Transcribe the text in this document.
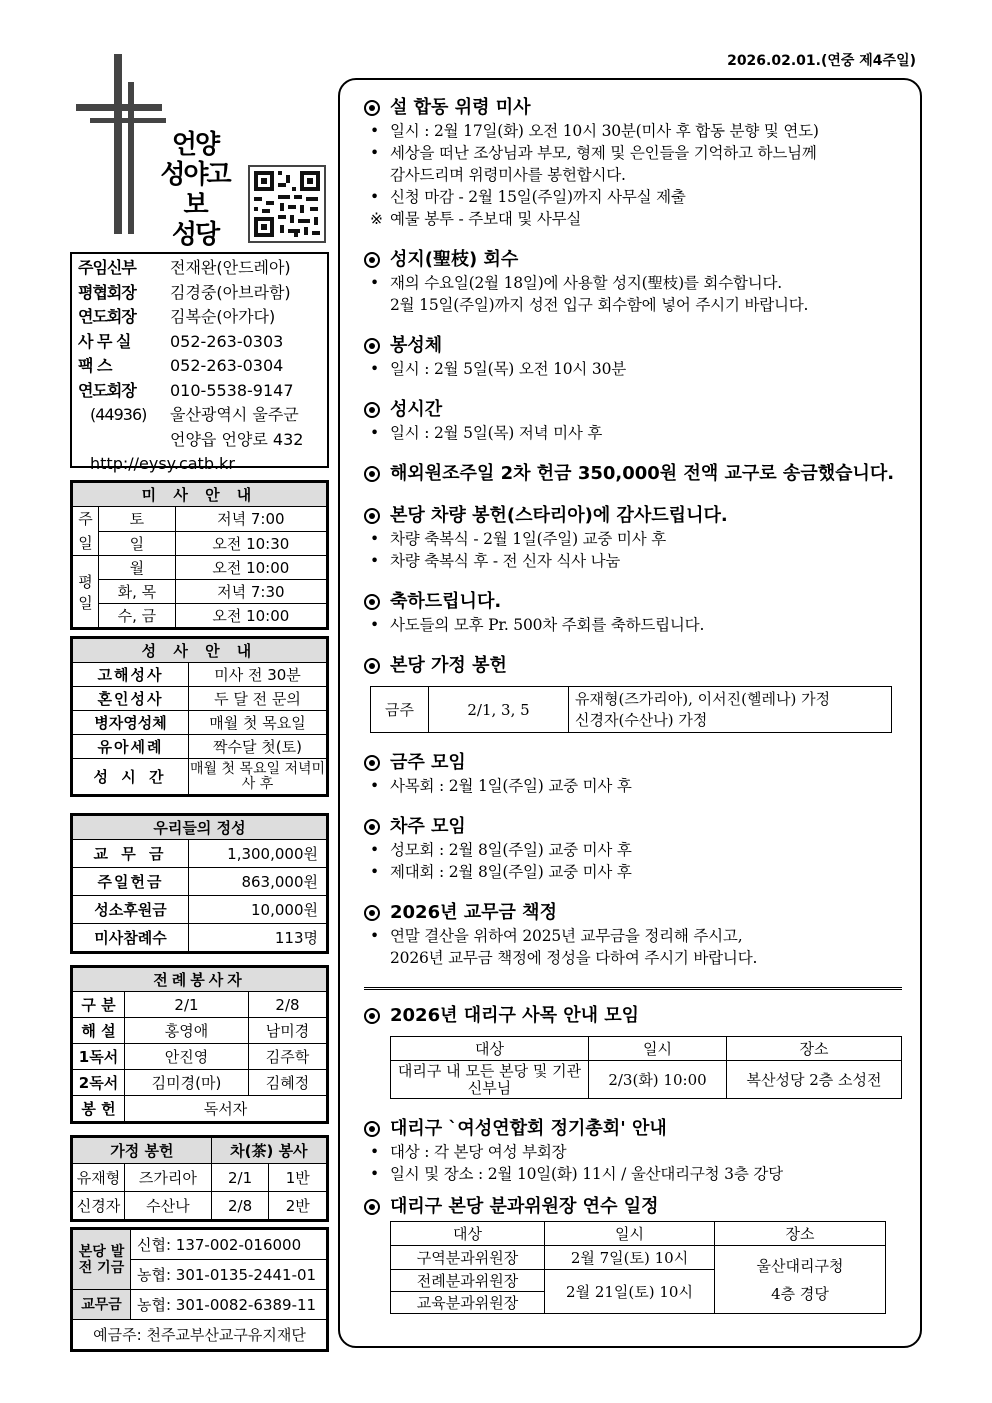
2026.02.01.(연중 제4주일)
언양
성야고보
성당
주임신부	전재완(안드레아)
평협회장	김경중(아브라함)
연도회장	김복순(아가다)
사 무 실	052-263-0303
팩 스	052-263-0304
연도회장	010-5538-9147
(44936)	울산광역시 울주군
언양읍 언양로 432
http://eysy.catb.kr
미 사 안 내		
주일	토	저녁 7:00
	일	오전 10:30
평일	월	오전 10:00
	화, 목	저녁 7:30
	수, 금	오전 10:00
성 사 안 내	
고해성사	미사 전 30분
혼인성사	두 달 전 문의
병자영성체	매월 첫 목요일
유아세례	짝수달 첫(토)
성 시 간	매월 첫 목요일 저녁미사 후
우리들의 정성	
교 무 금	1,300,000원
주일헌금	863,000원
성소후원금	10,000원
미사참례수	113명
전례봉사자		
구 분	2/1	2/8
해 설	홍영애	남미경
1독서	안진영	김주학
2독서	김미경(마)	김혜정
봉 헌	독서자	
가정 봉헌		차(茶) 봉사	
유재형	즈가리아	2/1	1반
신경자	수산나	2/8	2반
본당 발전 기금	신협: 137-002-016000
	농협: 301-0135-2441-01
교무금	농협: 301-0082-6389-11
예금주: 천주교부산교구유지재단	
설 합동 위령 미사
• 일시 : 2월 17일(화) 오전 10시 30분(미사 후 합동 분향 및 연도)
• 세상을 떠난 조상님과 부모, 형제 및 은인들을 기억하고 하느님께
감사드리며 위령미사를 봉헌합시다.
• 신청 마감 - 2월 15일(주일)까지 사무실 제출
※ 예물 봉투 - 주보대 및 사무실
성지(聖枝) 회수
• 재의 수요일(2월 18일)에 사용할 성지(聖枝)를 회수합니다.
2월 15일(주일)까지 성전 입구 회수함에 넣어 주시기 바랍니다.
봉성체
• 일시 : 2월 5일(목) 오전 10시 30분
성시간
• 일시 : 2월 5일(목) 저녁 미사 후
해외원조주일 2차 헌금 350,000원 전액 교구로 송금했습니다.
본당 차량 봉헌(스타리아)에 감사드립니다.
• 차량 축복식 - 2월 1일(주일) 교중 미사 후
• 차량 축복식 후 - 전 신자 식사 나눔
축하드립니다.
• 사도들의 모후 Pr. 500차 주회를 축하드립니다.
본당 가정 봉헌
금주	2/1, 3, 5	
유재형(즈가리아), 이서진(헬레나) 가정
신경자(수산나) 가정
금주 모임
• 사목회 : 2월 1일(주일) 교중 미사 후
차주 모임
• 성모회 : 2월 8일(주일) 교중 미사 후
• 제대회 : 2월 8일(주일) 교중 미사 후
2026년 교무금 책정
• 연말 결산을 위하여 2025년 교무금을 정리해 주시고,
2026년 교무금 책정에 정성을 다하여 주시기 바랍니다.
2026년 대리구 사목 안내 모임
대상	일시	장소
대리구 내 모든 본당 및 기관 신부님	2/3(화) 10:00	복산성당 2층 소성전
대리구 `여성연합회 정기총회' 안내
• 대상 : 각 본당 여성 부회장
• 일시 및 장소 : 2월 10일(화) 11시 / 울산대리구청 3층 강당
대리구 본당 분과위원장 연수 일정
대상	일시	장소
구역분과위원장	2월 7일(토) 10시	울산대리구청
4층 경당

전례분과위원장	2월 21일(토) 10시	
교육분과위원장		
